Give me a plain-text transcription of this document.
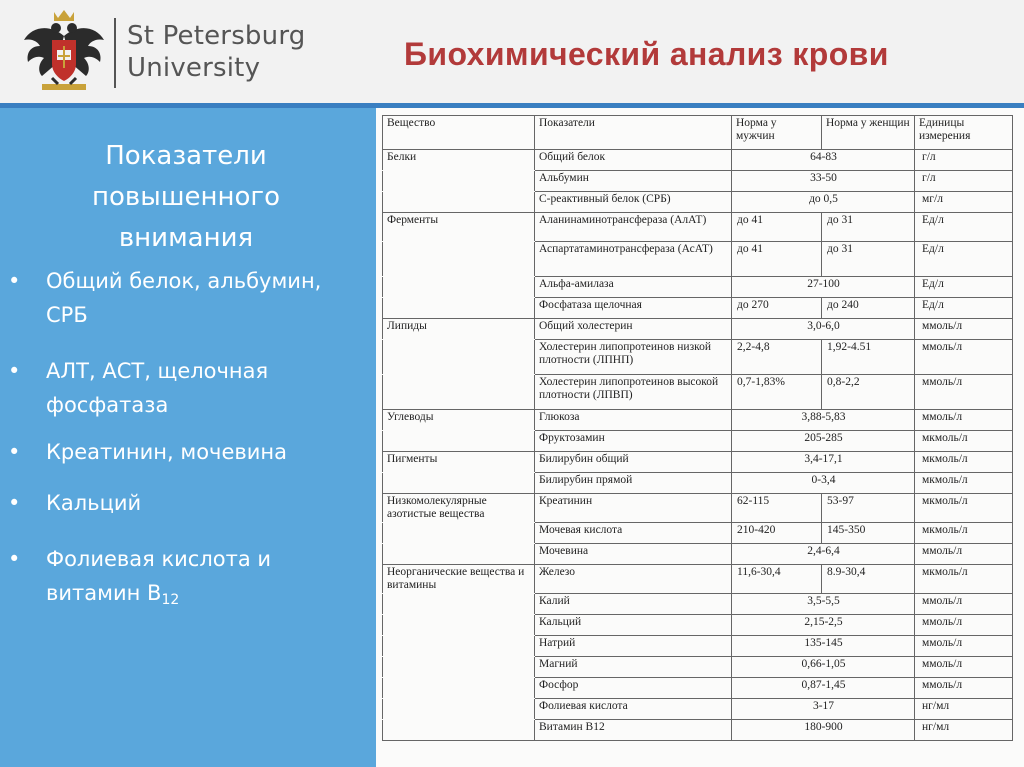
St Petersburg
University	Биохимический анализ крови
Показатели
повышенного
внимания
•	Общий белок, альбумин, СРБ
•	АЛТ, АСТ, щелочная фосфатаза
•	Креатинин, мочевина
•	Кальций
•	Фолиевая кислота и витамин $B_{12}$
Вещество	Показатели	Норма у мужчин	Норма у женщин	Единицы измерения
Белки	Общий белок	64-83		г/л
	Альбумин	33-50		г/л
	С-реактивный белок (СРБ)	до 0,5		мг/л
Ферменты	Аланинаминотрансфераза (АлАТ)	до 41	до 31	Ед/л
	Аспартатаминотрансфераза (АсАТ)	до 41	до 31	Ед/л
	Альфа-амилаза	27-100		Ед/л
	Фосфатаза щелочная	до 270	до 240	Ед/л
Липиды	Общий холестерин	3,0-6,0		ммоль/л
	Холестерин липопротеинов низкой плотности (ЛПНП)	2,2-4,8	1,92-4.51	ммоль/л
	Холестерин липопротеинов высокой плотности (ЛПВП)	0,7-1,83%	0,8-2,2	ммоль/л
Углеводы	Глюкоза	3,88-5,83		ммоль/л
	Фруктозамин	205-285		мкмоль/л
Пигменты	Билирубин общий	3,4-17,1		мкмоль/л
	Билирубин прямой	0-3,4		мкмоль/л
Низкомолекулярные азотистые вещества	Креатинин	62-115	53-97	мкмоль/л
	Мочевая кислота	210-420	145-350	мкмоль/л
	Мочевина	2,4-6,4		ммоль/л
Неорганические вещества и витамины	Железо	11,6-30,4	8.9-30,4	мкмоль/л
	Калий	3,5-5,5		ммоль/л
	Кальций	2,15-2,5		ммоль/л
	Натрий	135-145		ммоль/л
	Магний	0,66-1,05		ммоль/л
	Фосфор	0,87-1,45		ммоль/л
	Фолиевая кислота	3-17		нг/мл
	Витамин B12	180-900		нг/мл
